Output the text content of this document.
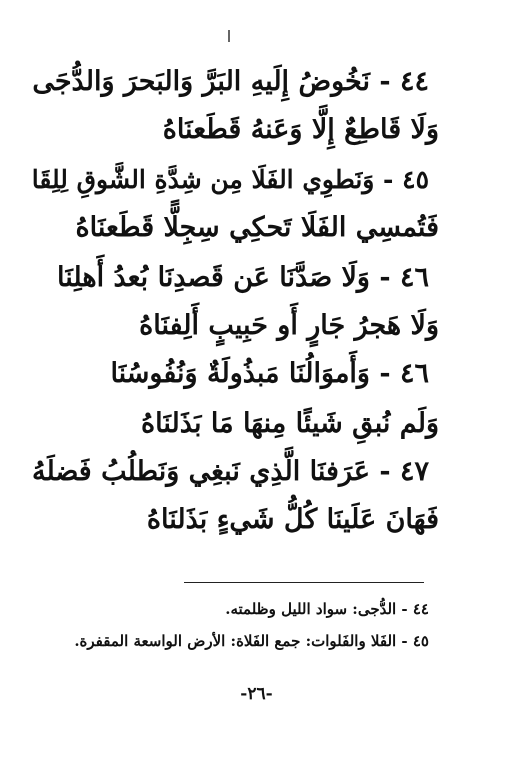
٤٤ - نَخُوضُ إِلَيهِ البَرَّ وَالبَحرَ وَالدُّجَى
وَلَا قَاطِعٌ إِلَّا وَعَنهُ قَطَعنَاهُ
٤٥ - وَنَطوِي الفَلَا مِن شِدَّةِ الشَّوقِ لِلِقَا
فَتُمسِي الفَلَا تَحكِي سِجِلًّا قَطَعنَاهُ
٤٦ - وَلَا صَدَّنَا عَن قَصدِنَا بُعدُ أَهلِنَا
وَلَا هَجرُ جَارٍ أَو حَبِيبٍ أَلِفنَاهُ
٤٦ - وَأَموَالُنَا مَبذُولَةٌ وَنُفُوسُنَا
وَلَم نُبقِ شَيئًا مِنهَا مَا بَذَلنَاهُ
٤٧ - عَرَفنَا الَّذِي نَبغِي وَنَطلُبُ فَضلَهُ
فَهَانَ عَلَينَا كُلُّ شَيءٍ بَذَلنَاهُ
٤٤ - الدُّجى: سواد الليل وظلمته.
٤٥ - الفَلا والفَلوات: جمع الفَلاة: الأرض الواسعة المقفرة.
-٢٦-
